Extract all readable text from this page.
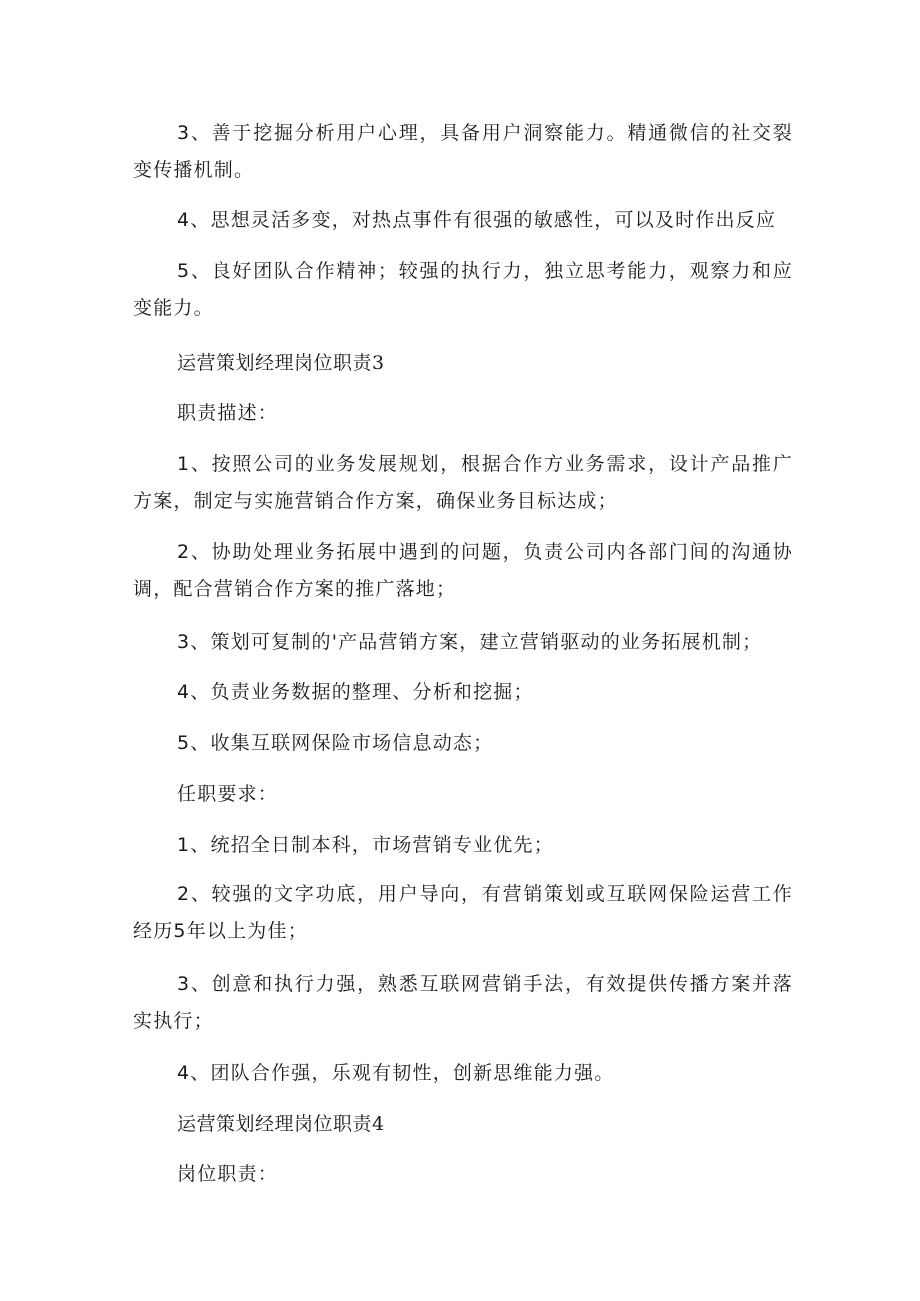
3、善于挖掘分析用户心理，具备用户洞察能力。精通微信的社交裂变传播机制。

4、思想灵活多变，对热点事件有很强的敏感性，可以及时作出反应

5、良好团队合作精神；较强的执行力，独立思考能力，观察力和应变能力。

运营策划经理岗位职责3

职责描述：

1、按照公司的业务发展规划，根据合作方业务需求，设计产品推广方案，制定与实施营销合作方案，确保业务目标达成；

2、协助处理业务拓展中遇到的问题，负责公司内各部门间的沟通协调，配合营销合作方案的推广落地；

3、策划可复制的'产品营销方案，建立营销驱动的业务拓展机制；

4、负责业务数据的整理、分析和挖掘；

5、收集互联网保险市场信息动态；

任职要求：

1、统招全日制本科，市场营销专业优先；

2、较强的文字功底，用户导向，有营销策划或互联网保险运营工作经历5年以上为佳；

3、创意和执行力强，熟悉互联网营销手法，有效提供传播方案并落实执行；

4、团队合作强，乐观有韧性，创新思维能力强。

运营策划经理岗位职责4

岗位职责：
